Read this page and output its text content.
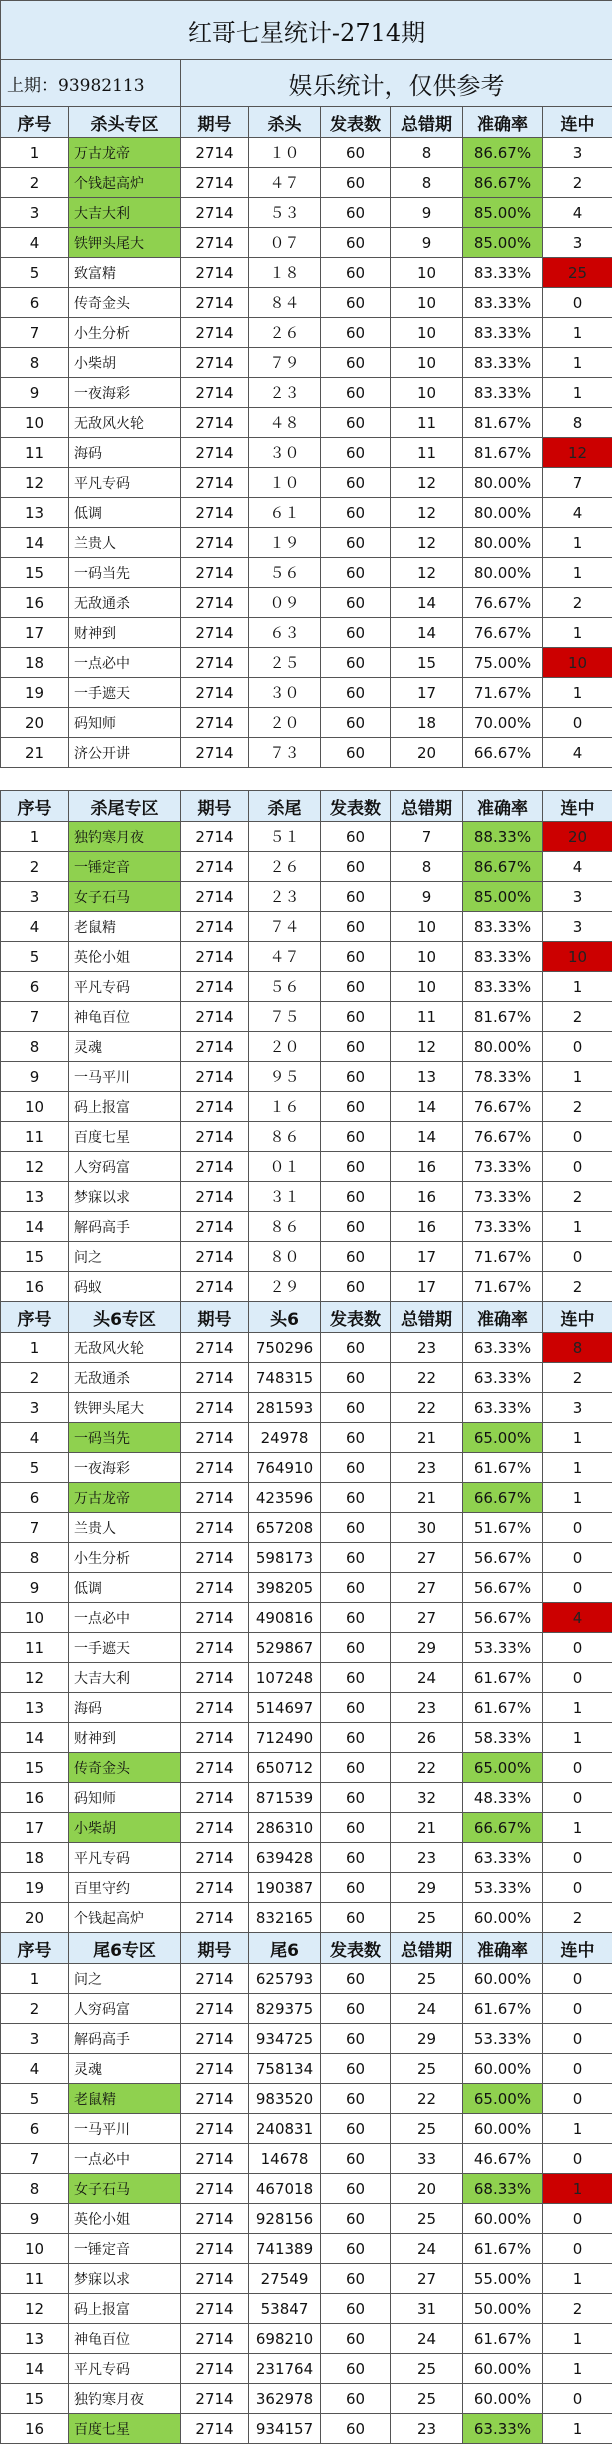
红哥七星统计-2714期							
上期：93982113		娱乐统计，仅供参考					
序号	杀头专区	期号	杀头	发表数	总错期	准确率	连中
1	万古龙帝	2714	１０	60	8	86.67%	3
2	个钱起高炉	2714	４７	60	8	86.67%	2
3	大吉大利	2714	５３	60	9	85.00%	4
4	铁钾头尾大	2714	０７	60	9	85.00%	3
5	致富精	2714	１８	60	10	83.33%	25
6	传奇金头	2714	８４	60	10	83.33%	0
7	小生分析	2714	２６	60	10	83.33%	1
8	小柴胡	2714	７９	60	10	83.33%	1
9	一夜海彩	2714	２３	60	10	83.33%	1
10	无敌风火轮	2714	４８	60	11	81.67%	8
11	海码	2714	３０	60	11	81.67%	12
12	平凡专码	2714	１０	60	12	80.00%	7
13	低调	2714	６１	60	12	80.00%	4
14	兰贵人	2714	１９	60	12	80.00%	1
15	一码当先	2714	５６	60	12	80.00%	1
16	无敌通杀	2714	０９	60	14	76.67%	2
17	财神到	2714	６３	60	14	76.67%	1
18	一点必中	2714	２５	60	15	75.00%	10
19	一手遮天	2714	３０	60	17	71.67%	1
20	码知师	2714	２０	60	18	70.00%	0
21	济公开讲	2714	７３	60	20	66.67%	4

序号	杀尾专区	期号	杀尾	发表数	总错期	准确率	连中
1	独钓寒月夜	2714	５１	60	7	88.33%	20
2	一锤定音	2714	２６	60	8	86.67%	4
3	女子石马	2714	２３	60	9	85.00%	3
4	老鼠精	2714	７４	60	10	83.33%	3
5	英伦小姐	2714	４７	60	10	83.33%	10
6	平凡专码	2714	５６	60	10	83.33%	1
7	神龟百位	2714	７５	60	11	81.67%	2
8	灵魂	2714	２０	60	12	80.00%	0
9	一马平川	2714	９５	60	13	78.33%	1
10	码上报富	2714	１６	60	14	76.67%	2
11	百度七星	2714	８６	60	14	76.67%	0
12	人穷码富	2714	０１	60	16	73.33%	0
13	梦寐以求	2714	３１	60	16	73.33%	2
14	解码高手	2714	８６	60	16	73.33%	1
15	问之	2714	８０	60	17	71.67%	0
16	码蚁	2714	２９	60	17	71.67%	2
序号	头6专区	期号	头6	发表数	总错期	准确率	连中
1	无敌风火轮	2714	750296	60	23	63.33%	8
2	无敌通杀	2714	748315	60	22	63.33%	2
3	铁钾头尾大	2714	281593	60	22	63.33%	3
4	一码当先	2714	24978	60	21	65.00%	1
5	一夜海彩	2714	764910	60	23	61.67%	1
6	万古龙帝	2714	423596	60	21	66.67%	1
7	兰贵人	2714	657208	60	30	51.67%	0
8	小生分析	2714	598173	60	27	56.67%	0
9	低调	2714	398205	60	27	56.67%	0
10	一点必中	2714	490816	60	27	56.67%	4
11	一手遮天	2714	529867	60	29	53.33%	0
12	大吉大利	2714	107248	60	24	61.67%	0
13	海码	2714	514697	60	23	61.67%	1
14	财神到	2714	712490	60	26	58.33%	1
15	传奇金头	2714	650712	60	22	65.00%	0
16	码知师	2714	871539	60	32	48.33%	0
17	小柴胡	2714	286310	60	21	66.67%	1
18	平凡专码	2714	639428	60	23	63.33%	0
19	百里守约	2714	190387	60	29	53.33%	0
20	个钱起高炉	2714	832165	60	25	60.00%	2
序号	尾6专区	期号	尾6	发表数	总错期	准确率	连中
1	问之	2714	625793	60	25	60.00%	0
2	人穷码富	2714	829375	60	24	61.67%	0
3	解码高手	2714	934725	60	29	53.33%	0
4	灵魂	2714	758134	60	25	60.00%	0
5	老鼠精	2714	983520	60	22	65.00%	0
6	一马平川	2714	240831	60	25	60.00%	1
7	一点必中	2714	14678	60	33	46.67%	0
8	女子石马	2714	467018	60	20	68.33%	1
9	英伦小姐	2714	928156	60	25	60.00%	0
10	一锤定音	2714	741389	60	24	61.67%	0
11	梦寐以求	2714	27549	60	27	55.00%	1
12	码上报富	2714	53847	60	31	50.00%	2
13	神龟百位	2714	698210	60	24	61.67%	1
14	平凡专码	2714	231764	60	25	60.00%	1
15	独钓寒月夜	2714	362978	60	25	60.00%	0
16	百度七星	2714	934157	60	23	63.33%	1
